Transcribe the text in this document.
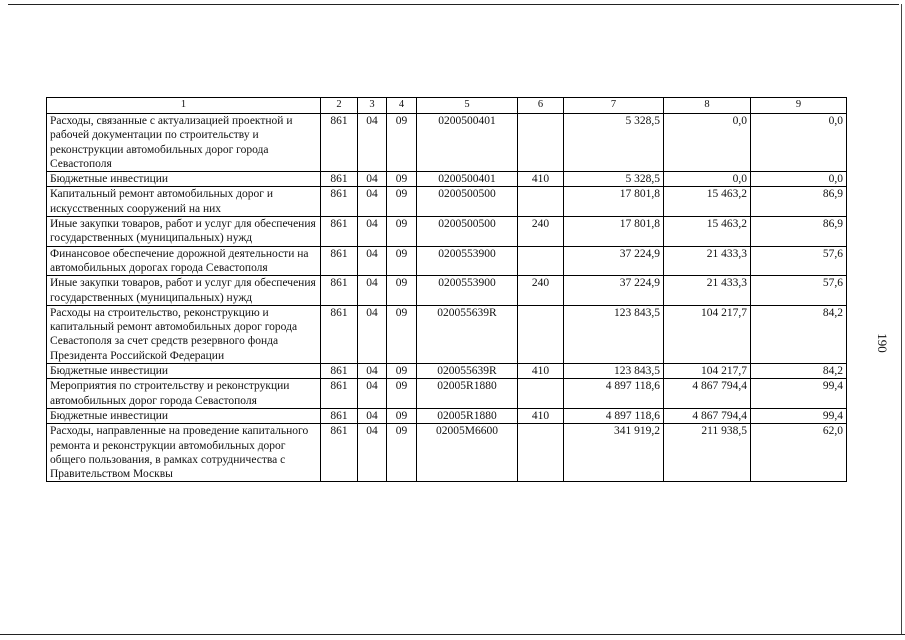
1	2	3	4	5	6	7	8	9
Расходы, связанные с актуализацией проектной и рабочей документации по строительству и реконструкции автомобильных дорог города Севастополя	861	04	09	0200500401		5 328,5	0,0	0,0
Бюджетные инвестиции	861	04	09	0200500401	410	5 328,5	0,0	0,0
Капитальный ремонт автомобильных дорог и искусственных сооружений на них	861	04	09	0200500500		17 801,8	15 463,2	86,9
Иные закупки товаров, работ и услуг для обеспечения государственных (муниципальных) нужд	861	04	09	0200500500	240	17 801,8	15 463,2	86,9
Финансовое обеспечение дорожной деятельности на автомобильных дорогах города Севастополя	861	04	09	0200553900		37 224,9	21 433,3	57,6
Иные закупки товаров, работ и услуг для обеспечения государственных (муниципальных) нужд	861	04	09	0200553900	240	37 224,9	21 433,3	57,6
Расходы на строительство, реконструкцию и капитальный ремонт автомобильных дорог города Севастополя за счет средств резервного фонда Президента Российской Федерации	861	04	09	020055639R		123 843,5	104 217,7	84,2
Бюджетные инвестиции	861	04	09	020055639R	410	123 843,5	104 217,7	84,2
Мероприятия по строительству и реконструкции автомобильных дорог города Севастополя	861	04	09	02005R1880		4 897 118,6	4 867 794,4	99,4
Бюджетные инвестиции	861	04	09	02005R1880	410	4 897 118,6	4 867 794,4	99,4
Расходы, направленные на проведение капитального ремонта и реконструкции автомобильных дорог общего пользования, в рамках сотрудничества с Правительством Москвы	861	04	09	02005М6600		341 919,2	211 938,5	62,0
190
